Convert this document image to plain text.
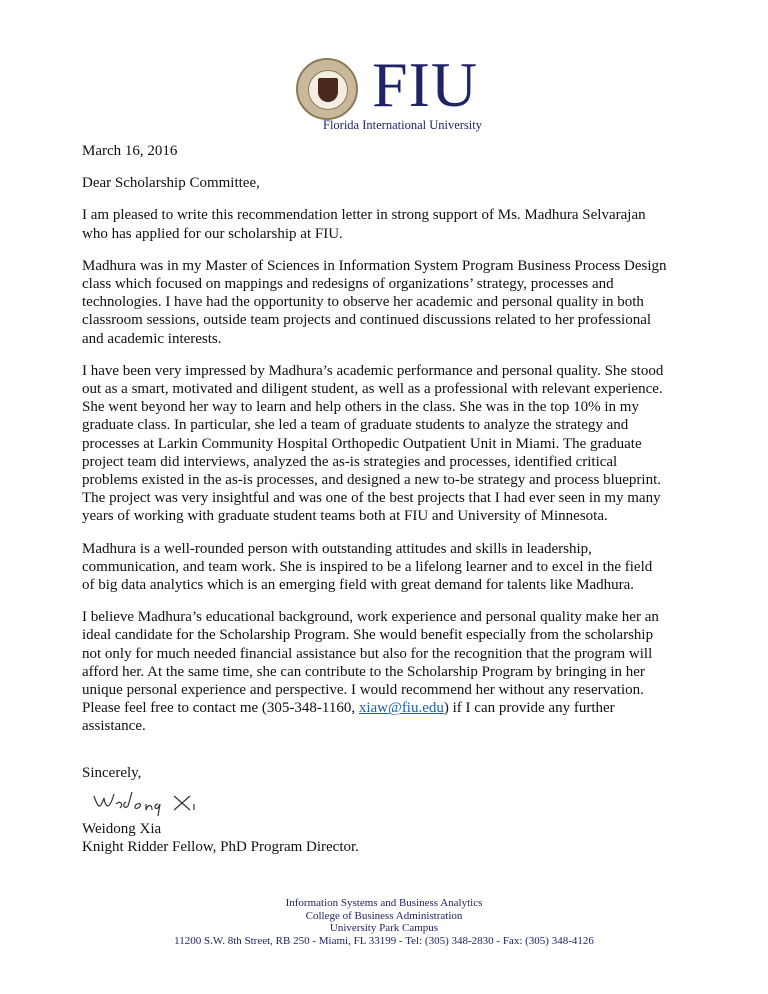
FIU
Florida International University
March 16, 2016
Dear Scholarship Committee,
I am pleased to write this recommendation letter in strong support of Ms. Madhura Selvarajan
who has applied for our scholarship at FIU.
Madhura was in my Master of Sciences in Information System Program Business Process Design
class which focused on mappings and redesigns of organizations’ strategy, processes and
technologies. I have had the opportunity to observe her academic and personal quality in both
classroom sessions, outside team projects and continued discussions related to her professional
and academic interests.
I have been very impressed by Madhura’s academic performance and personal quality. She stood
out as a smart, motivated and diligent student, as well as a professional with relevant experience.
She went beyond her way to learn and help others in the class. She was in the top 10% in my
graduate class. In particular, she led a team of graduate students to analyze the strategy and
processes at Larkin Community Hospital Orthopedic Outpatient Unit in Miami. The graduate
project team did interviews, analyzed the as-is strategies and processes, identified critical
problems existed in the as-is processes, and designed a new to-be strategy and process blueprint.
The project was very insightful and was one of the best projects that I had ever seen in my many
years of working with graduate student teams both at FIU and University of Minnesota.
Madhura is a well-rounded person with outstanding attitudes and skills in leadership,
communication, and team work. She is inspired to be a lifelong learner and to excel in the field
of big data analytics which is an emerging field with great demand for talents like Madhura.
I believe Madhura’s educational background, work experience and personal quality make her an
ideal candidate for the Scholarship Program. She would benefit especially from the scholarship
not only for much needed financial assistance but also for the recognition that the program will
afford her. At the same time, she can contribute to the Scholarship Program by bringing in her
unique personal experience and perspective. I would recommend her without any reservation.
Please feel free to contact me (305-348-1160, xiaw@fiu.edu) if I can provide any further
assistance.
Sincerely,
Weidong Xia
Knight Ridder Fellow, PhD Program Director.
Information Systems and Business Analytics
College of Business Administration
University Park Campus
11200 S.W. 8th Street, RB 250 - Miami, FL 33199 - Tel: (305) 348-2830 - Fax: (305) 348-4126
